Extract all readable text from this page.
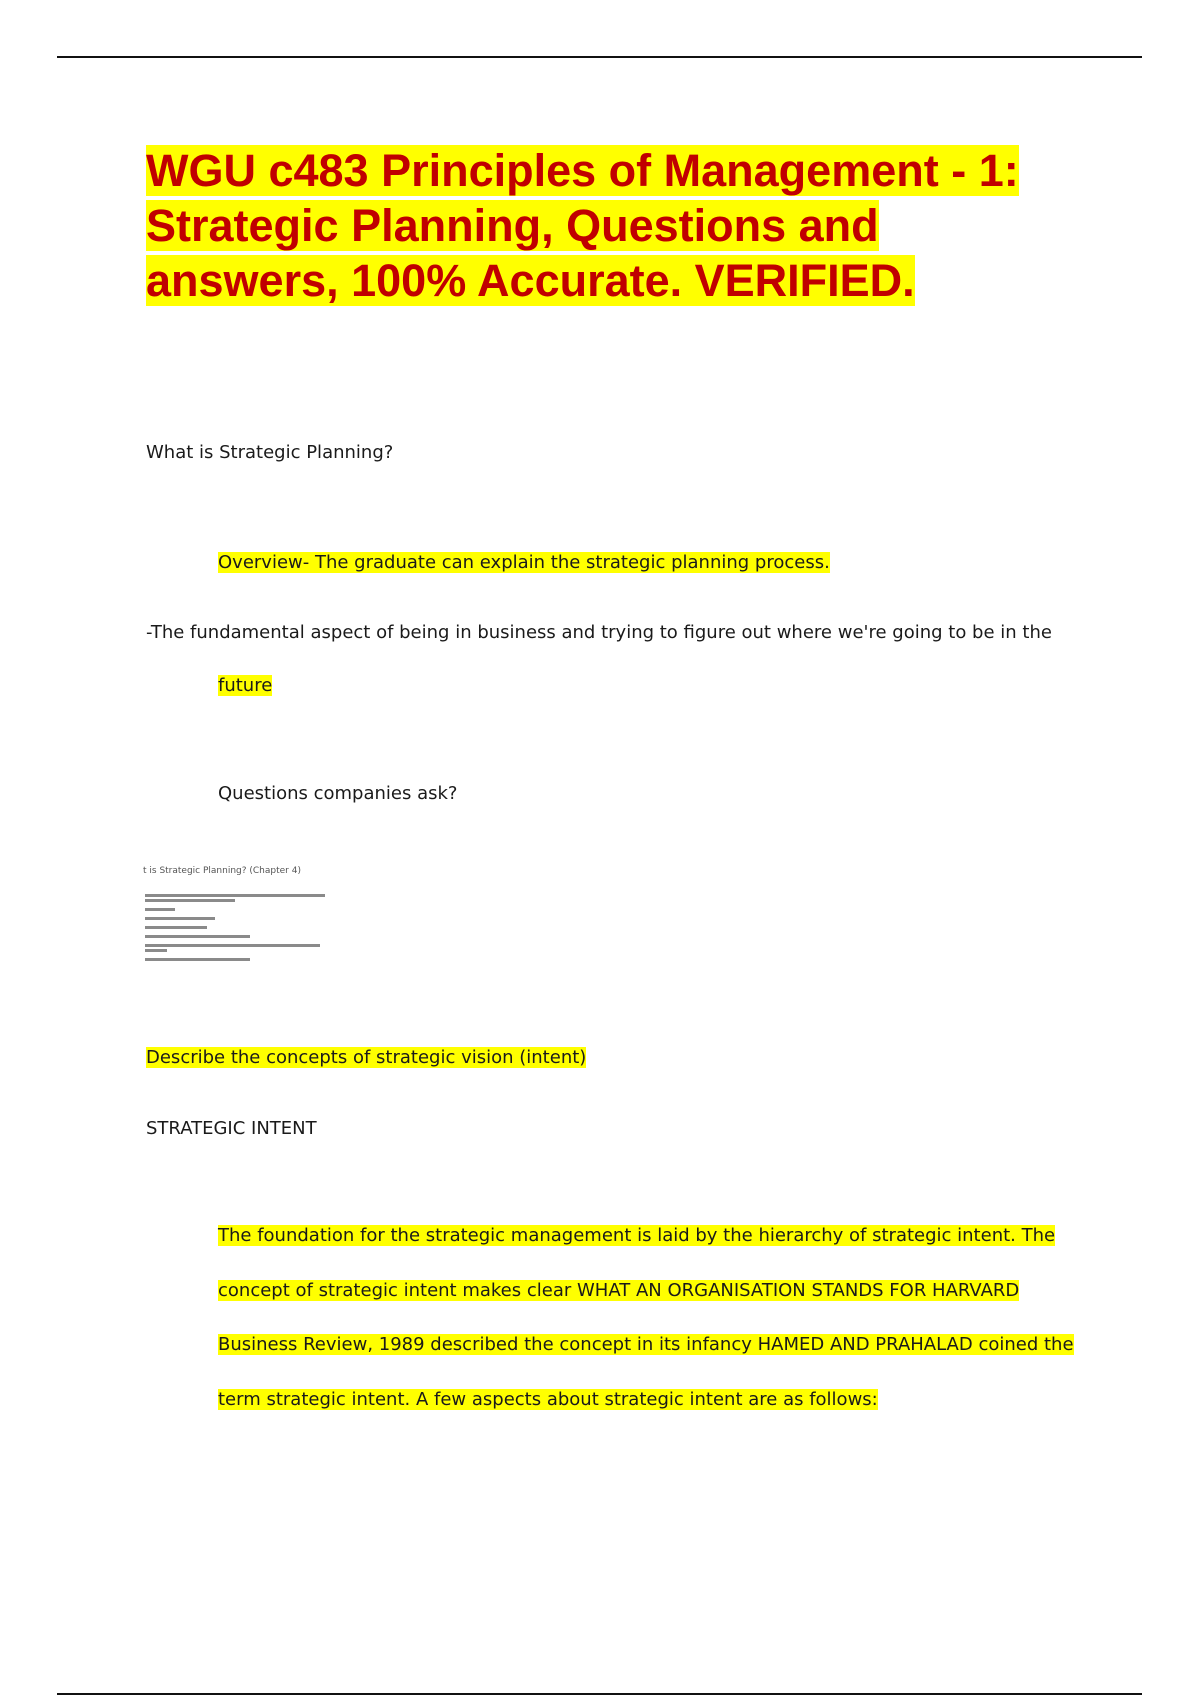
WGU c483 Principles of Management - 1:
Strategic Planning, Questions and
answers, 100% Accurate. VERIFIED.

What is Strategic Planning?

Overview- The graduate can explain the strategic planning process.

-The fundamental aspect of being in business and trying to figure out where we're going to be in the

future

Questions companies ask?

t is Strategic Planning? (Chapter 4)

Describe the concepts of strategic vision (intent)

STRATEGIC INTENT

The foundation for the strategic management is laid by the hierarchy of strategic intent. The
concept of strategic intent makes clear WHAT AN ORGANISATION STANDS FOR HARVARD
Business Review, 1989 described the concept in its infancy HAMED AND PRAHALAD coined the
term strategic intent. A few aspects about strategic intent are as follows:
